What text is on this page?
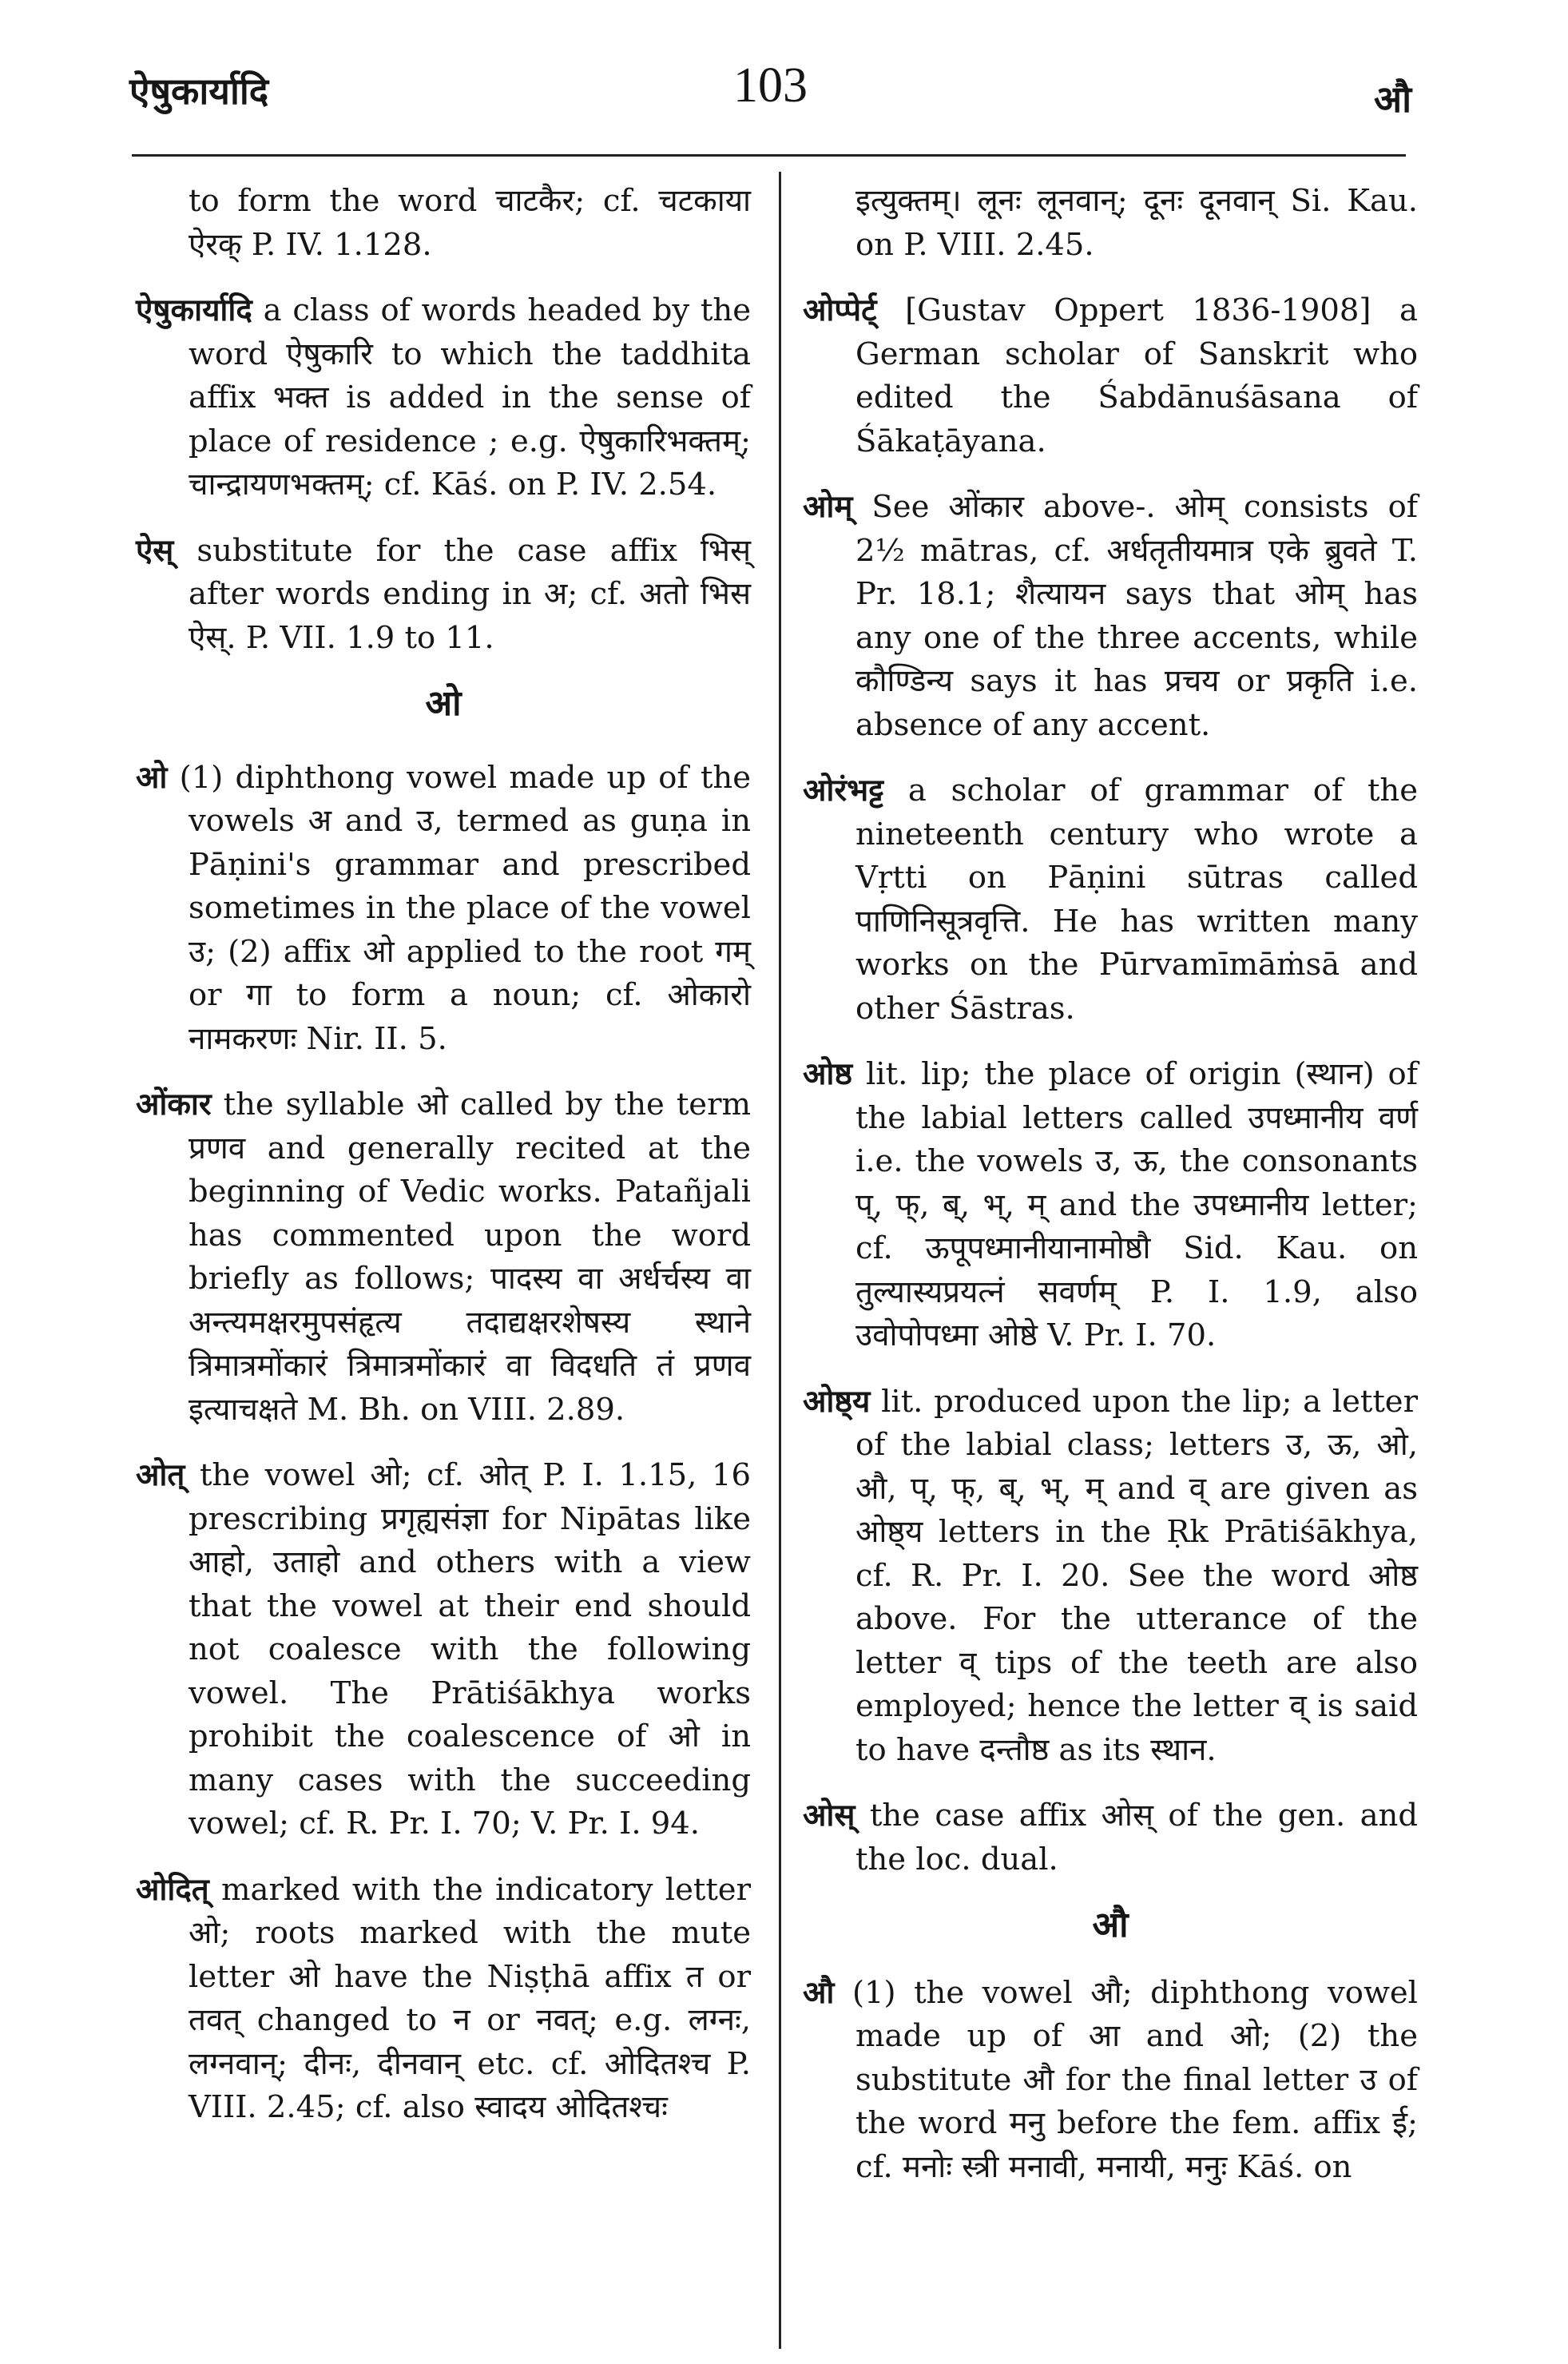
ऐषुकार्यादि	103	औ

to form the word चाटकैर; cf. चटकाया ऐरक् P. IV. 1.128.

ऐषुकार्यादि a class of words headed by the word ऐषुकारि to which the taddhita affix भक्त is added in the sense of place of residence ; e.g. ऐषुकारिभक्तम्; चान्द्रायणभक्तम्; cf. Kāś. on P. IV. 2.54.

ऐस् substitute for the case affix भिस् after words ending in अ; cf. अतो भिस ऐस्. P. VII. 1.9 to 11.

ओ

ओ (1) diphthong vowel made up of the vowels अ and उ, termed as guṇa in Pāṇini's grammar and prescribed sometimes in the place of the vowel उ; (2) affix ओ applied to the root गम् or गा to form a noun; cf. ओकारो नामकरणः Nir. II. 5.

ओंकार the syllable ओ called by the term प्रणव and generally recited at the beginning of Vedic works. Patañjali has commented upon the word briefly as follows; पादस्य वा अर्धर्चस्य वा अन्त्यमक्षरमुपसंहृत्य तदाद्यक्षरशेषस्य स्थाने त्रिमात्रमोंकारं त्रिमात्रमोंकारं वा विदधति तं प्रणव इत्याचक्षते M. Bh. on VIII. 2.89.

ओत् the vowel ओ; cf. ओत् P. I. 1.15, 16 prescribing प्रगृह्यसंज्ञा for Nipātas like आहो, उताहो and others with a view that the vowel at their end should not coalesce with the following vowel. The Prātiśākhya works prohibit the coalescence of ओ in many cases with the succeeding vowel; cf. R. Pr. I. 70; V. Pr. I. 94.

ओदित् marked with the indicatory letter ओ; roots marked with the mute letter ओ have the Niṣṭhā affix त or तवत् changed to न or नवत्; e.g. लग्नः, लग्नवान्; दीनः, दीनवान् etc. cf. ओदितश्च P. VIII. 2.45; cf. also स्वादय ओदितश्चः

इत्युक्तम्। लूनः लूनवान्; दूनः दूनवान् Si. Kau. on P. VIII. 2.45.

ओप्पेर्ट् [Gustav Oppert 1836-1908] a German scholar of Sanskrit who edited the Śabdānuśāsana of Śākaṭāyana.

ओम् See ओंकार above-. ओम् consists of 2½ mātras, cf. अर्धतृतीयमात्र एके ब्रुवते T. Pr. 18.1; शैत्यायन says that ओम् has any one of the three accents, while कौण्डिन्य says it has प्रचय or प्रकृति i.e. absence of any accent.

ओरंभट्ट a scholar of grammar of the nineteenth century who wrote a Vṛtti on Pāṇini sūtras called पाणिनिसूत्रवृत्ति. He has written many works on the Pūrvamīmāṁsā and other Śāstras.

ओष्ठ lit. lip; the place of origin (स्थान) of the labial letters called उपध्मानीय वर्ण i.e. the vowels उ, ऊ, the consonants प्, फ्, ब्, भ्, म् and the उपध्मानीय letter; cf. ऊपूपध्मानीयानामोष्ठौ Sid. Kau. on तुल्यास्यप्रयत्नं सवर्णम् P. I. 1.9, also उवोपोपध्मा ओष्ठे V. Pr. I. 70.

ओष्ठ्य lit. produced upon the lip; a letter of the labial class; letters उ, ऊ, ओ, औ, प्, फ्, ब्, भ्, म् and व् are given as ओष्ठ्य letters in the Ṛk Prātiśākhya, cf. R. Pr. I. 20. See the word ओष्ठ above. For the utterance of the letter व् tips of the teeth are also employed; hence the letter व् is said to have दन्तौष्ठ as its स्थान.

ओस् the case affix ओस् of the gen. and the loc. dual.

औ

औ (1) the vowel औ; diphthong vowel made up of आ and ओ; (2) the substitute औ for the final letter उ of the word मनु before the fem. affix ई; cf. मनोः स्त्री मनावी, मनायी, मनुः Kāś. on
